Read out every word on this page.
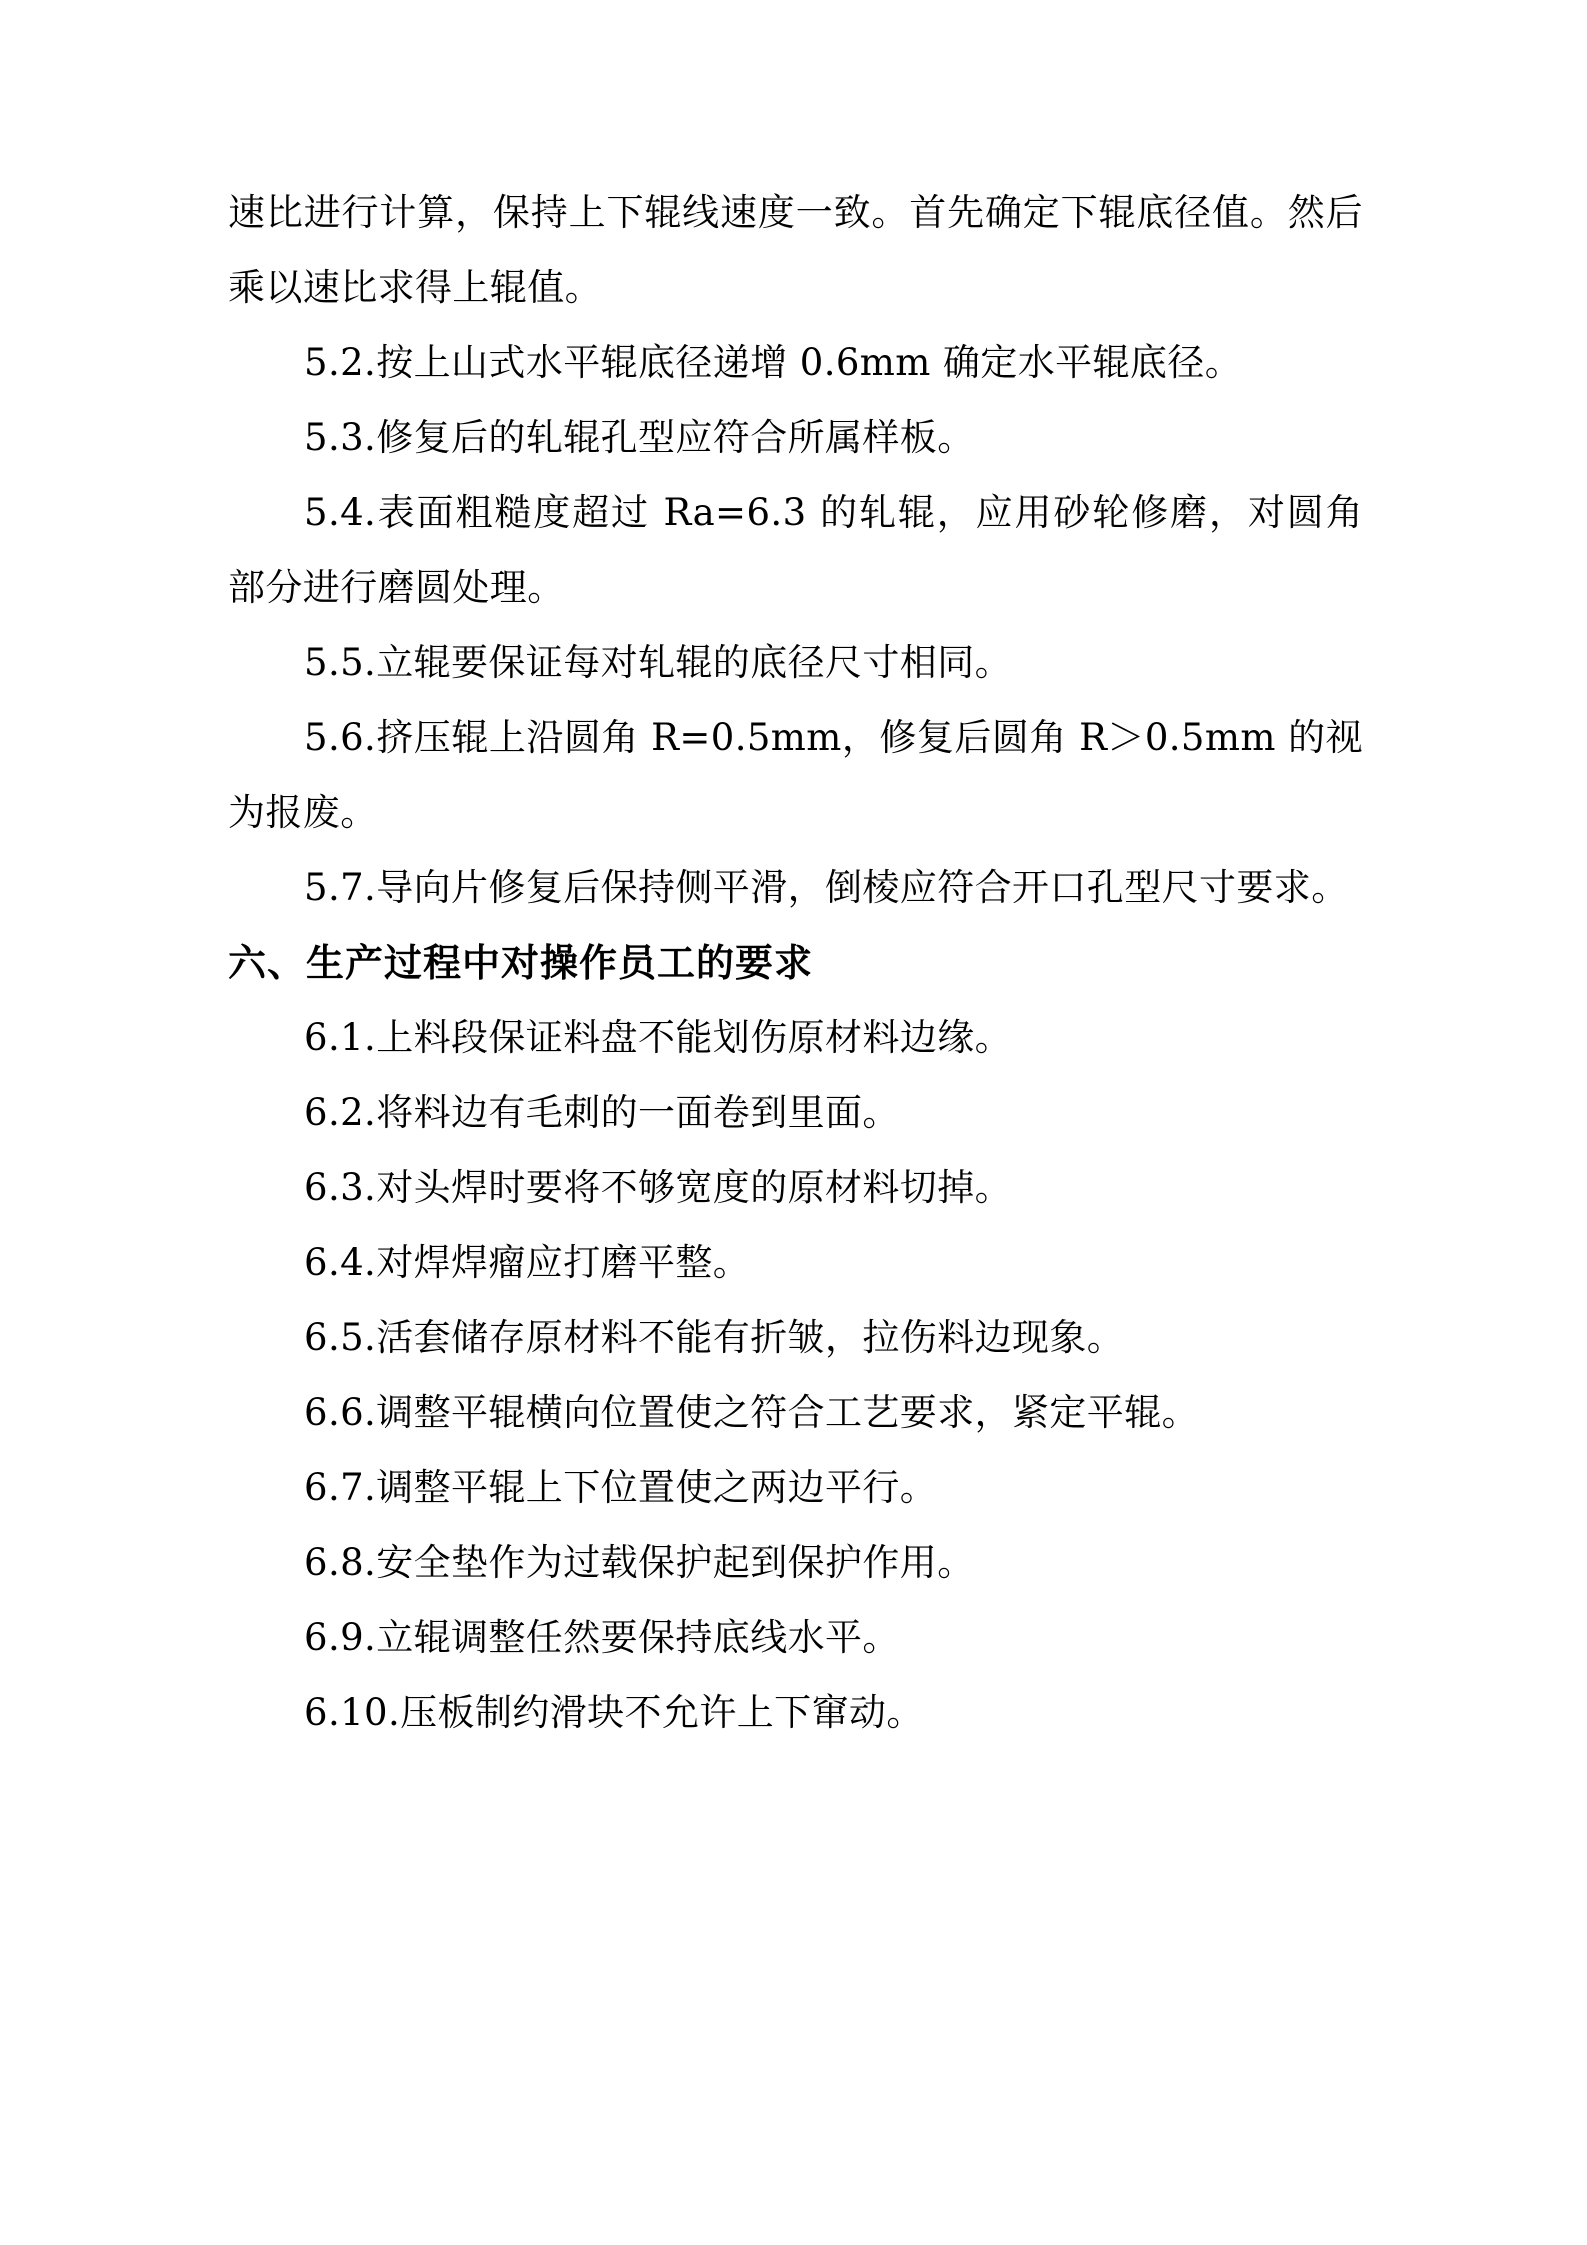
速比进行计算，保持上下辊线速度一致。首先确定下辊底径值。然后乘以速比求得上辊值。

5.2.按上山式水平辊底径递增 0.6mm 确定水平辊底径。

5.3.修复后的轧辊孔型应符合所属样板。

5.4.表面粗糙度超过 Ra=6.3 的轧辊，应用砂轮修磨，对圆角部分进行磨圆处理。

5.5.立辊要保证每对轧辊的底径尺寸相同。

5.6.挤压辊上沿圆角 R=0.5mm，修复后圆角 R＞0.5mm 的视为报废。

5.7.导向片修复后保持侧平滑，倒棱应符合开口孔型尺寸要求。

六、生产过程中对操作员工的要求

6.1.上料段保证料盘不能划伤原材料边缘。

6.2.将料边有毛刺的一面卷到里面。

6.3.对头焊时要将不够宽度的原材料切掉。

6.4.对焊焊瘤应打磨平整。

6.5.活套储存原材料不能有折皱，拉伤料边现象。

6.6.调整平辊横向位置使之符合工艺要求，紧定平辊。

6.7.调整平辊上下位置使之两边平行。

6.8.安全垫作为过载保护起到保护作用。

6.9.立辊调整任然要保持底线水平。

6.10.压板制约滑块不允许上下窜动。
